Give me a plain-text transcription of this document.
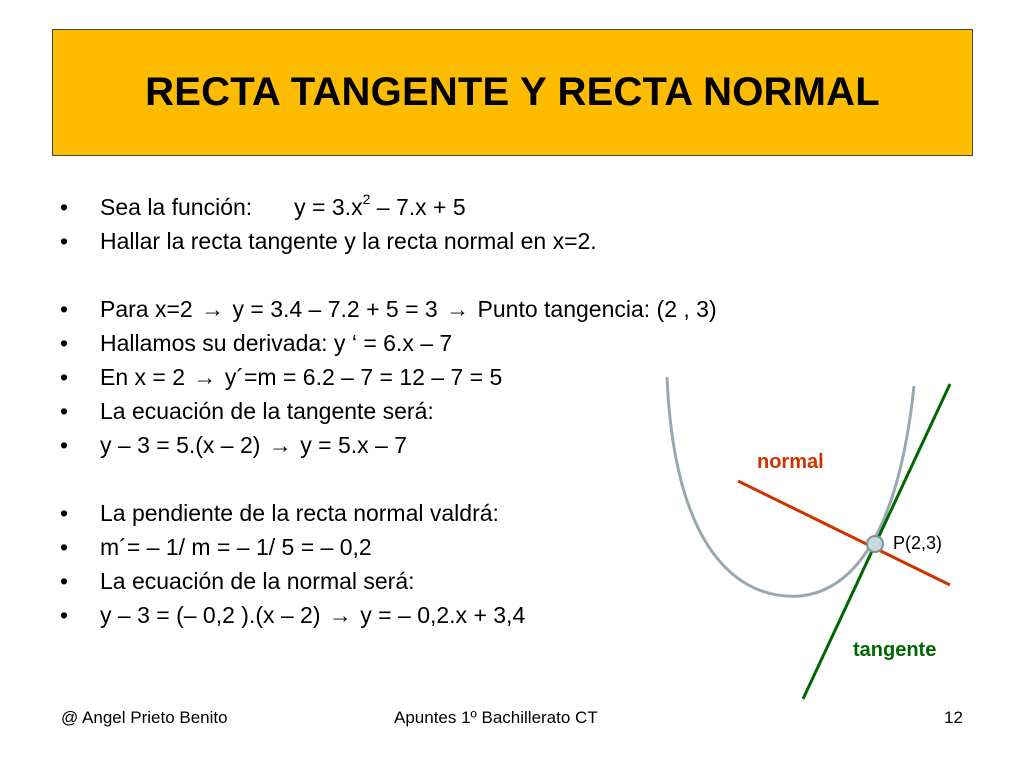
RECTA TANGENTE Y RECTA NORMAL
•	Sea la función: $y = 3.x^2 - 7.x + 5$
•	Hallar la recta tangente y la recta normal en x=2.
•	Para x=2 → y = 3.4 – 7.2 + 5 = 3 → Punto tangencia: (2 , 3)
•	Hallamos su derivada: y ‘ = 6.x – 7
•	En x = 2 → y´=m = 6.2 – 7 = 12 – 7 = 5
•	La ecuación de la tangente será:
•	y – 3 = 5.(x – 2) → y = 5.x – 7
•	La pendiente de la recta normal valdrá:
•	m´= – 1/ m = – 1/ 5 = – 0,2
•	La ecuación de la normal será:
•	y – 3 = (– 0,2 ).(x – 2) → y = – 0,2.x + 3,4
normal
tangente
P(2,3)
@ Angel Prieto Benito	Apuntes 1º Bachillerato CT	12
